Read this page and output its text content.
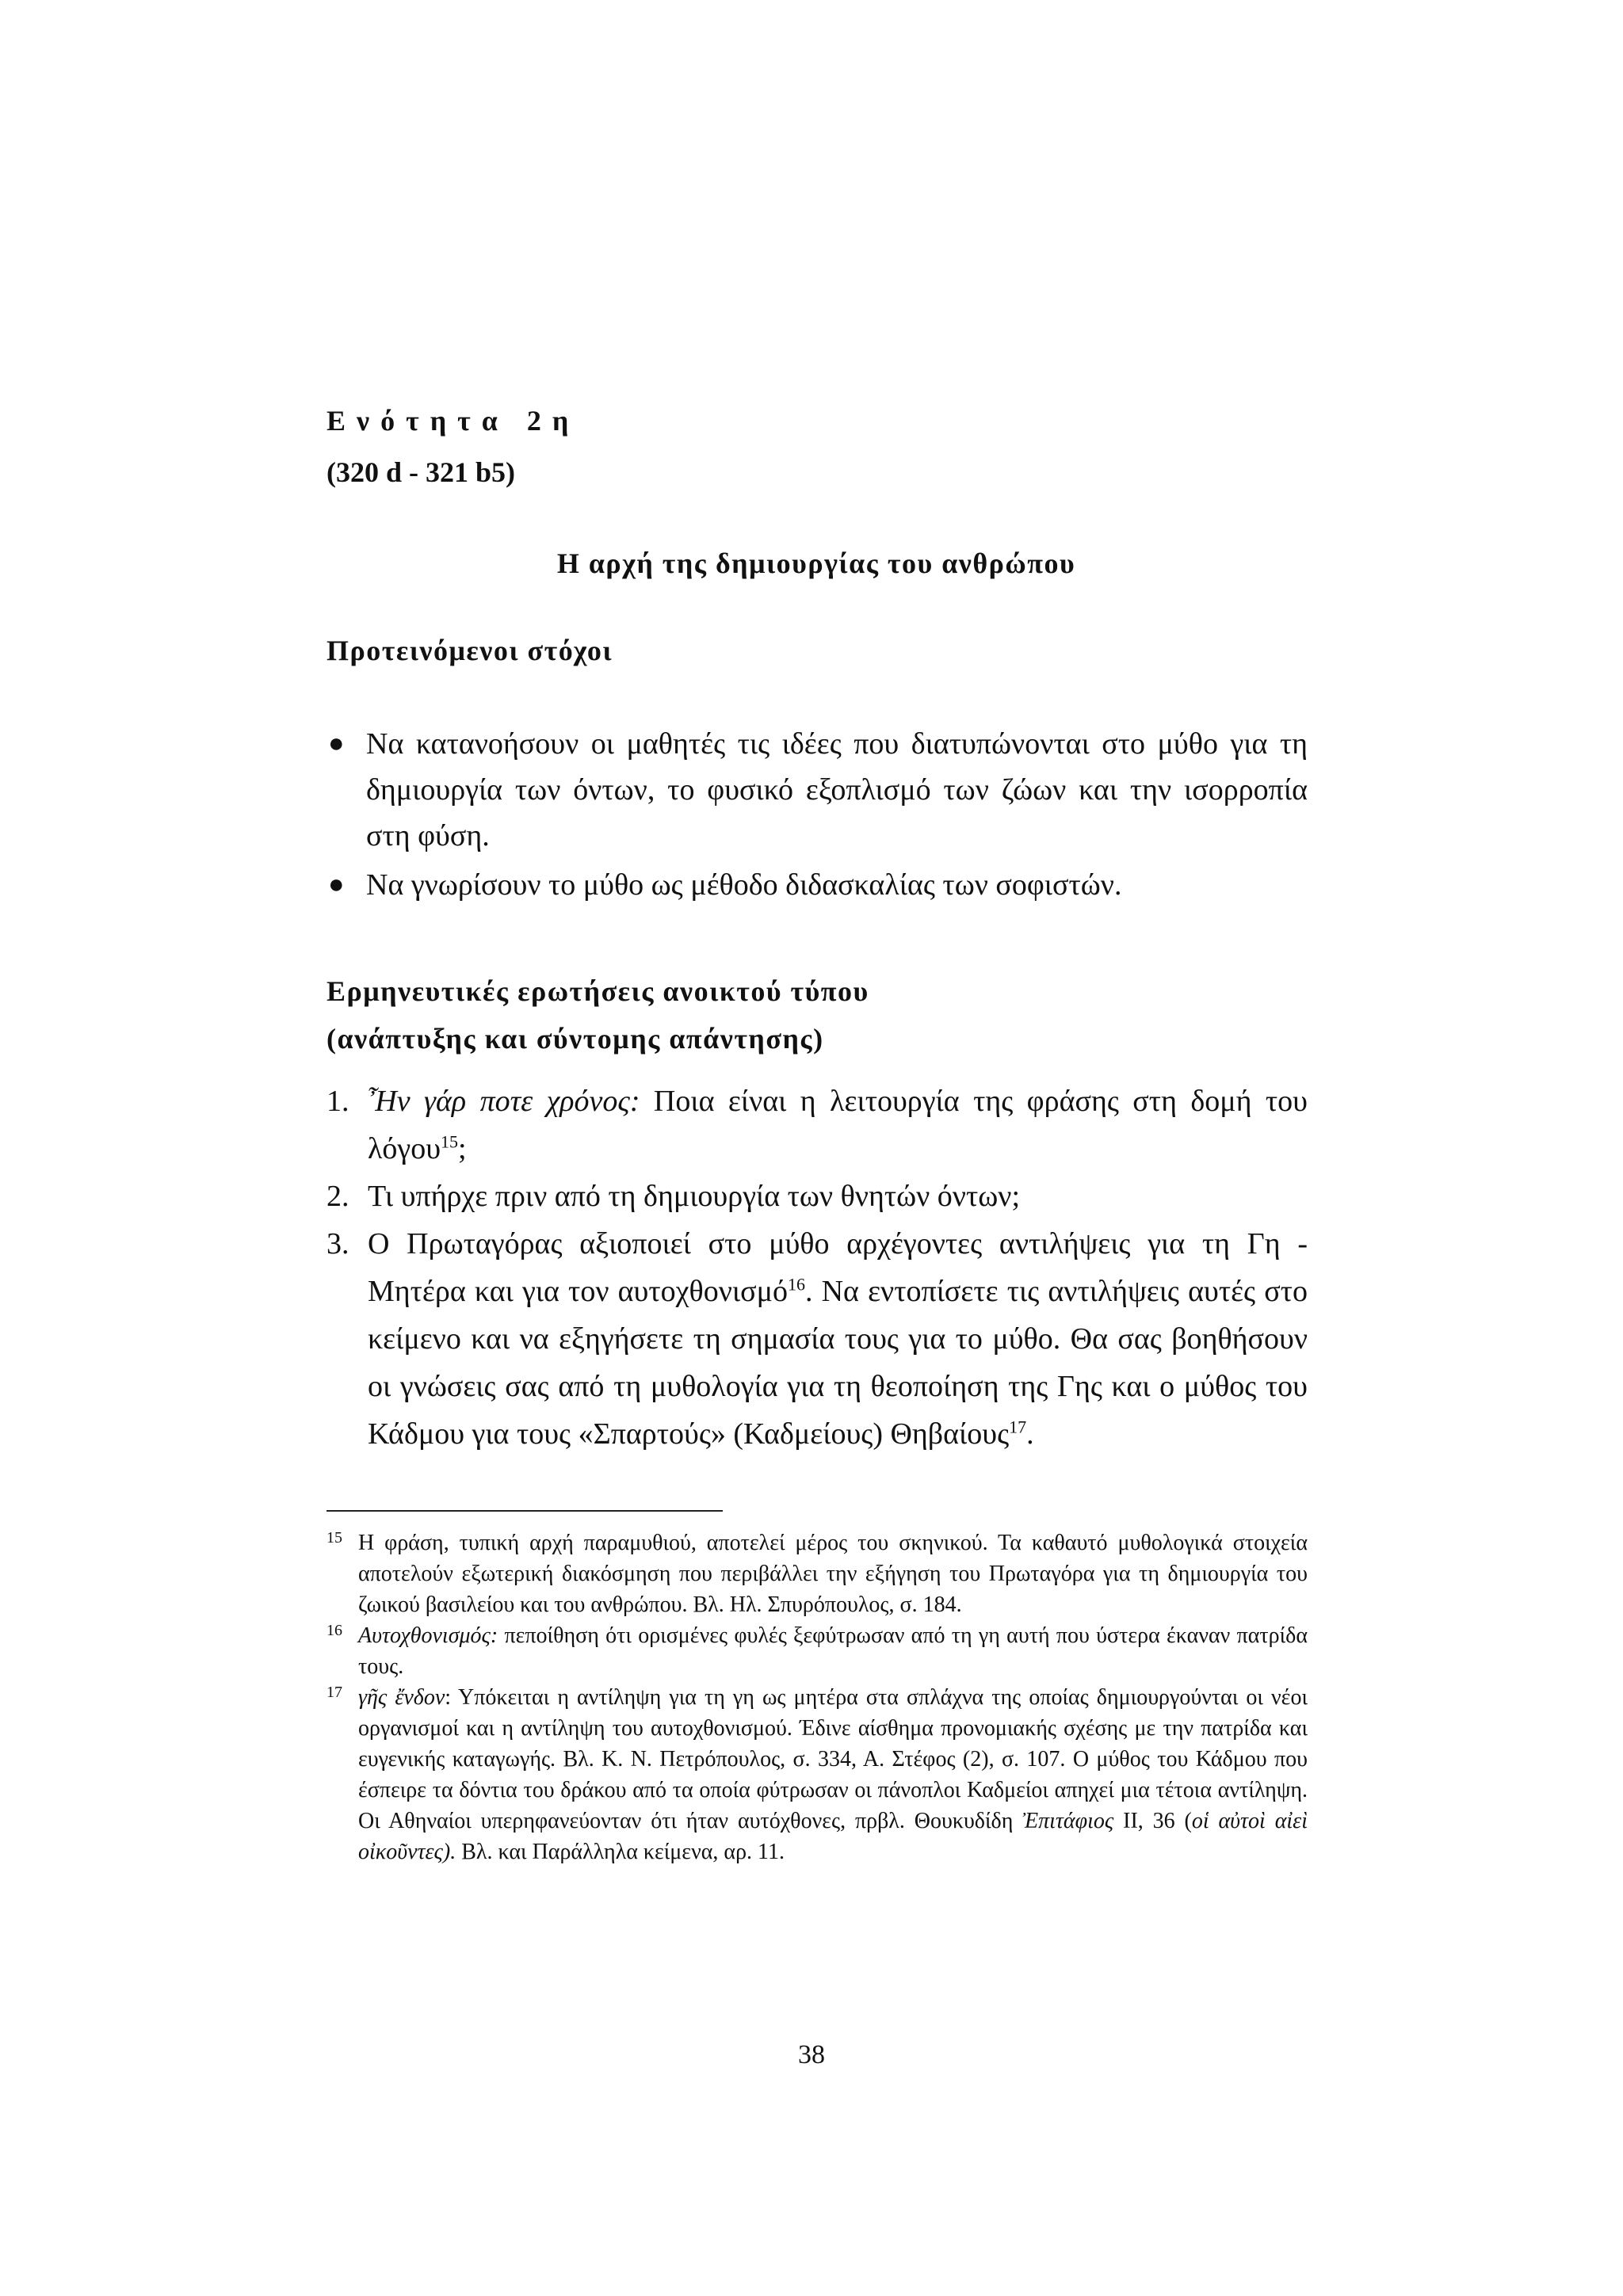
Ενότητα 2η
(320 d - 321 b5)
Η αρχή της δημιουργίας του ανθρώπου
Προτεινόμενοι στόχοι
● Να κατανοήσουν οι μαθητές τις ιδέες που διατυπώνονται στο μύθο για τη δημιουργία των όντων, το φυσικό εξοπλισμό των ζώων και την ισορροπία στη φύση.
● Να γνωρίσουν το μύθο ως μέθοδο διδασκαλίας των σοφιστών.
Ερμηνευτικές ερωτήσεις ανοικτού τύπου
(ανάπτυξης και σύντομης απάντησης)
1. Ἦν γάρ ποτε χρόνος: Ποια είναι η λειτουργία της φράσης στη δομή του λόγου$^{15}$;
2. Τι υπήρχε πριν από τη δημιουργία των θνητών όντων;
3. Ο Πρωταγόρας αξιοποιεί στο μύθο αρχέγοντες αντιλήψεις για τη Γη - Μητέρα και για τον αυτοχθονισμό$^{16}$. Να εντοπίσετε τις αντιλήψεις αυτές στο κείμενο και να εξηγήσετε τη σημασία τους για το μύθο. Θα σας βοηθήσουν οι γνώσεις σας από τη μυθολογία για τη θεοποίηση της Γης και ο μύθος του Κάδμου για τους «Σπαρτούς» (Καδμείους) Θηβαίους$^{17}$.
15 Η φράση, τυπική αρχή παραμυθιού, αποτελεί μέρος του σκηνικού. Τα καθαυτό μυθολογικά στοιχεία αποτελούν εξωτερική διακόσμηση που περιβάλλει την εξήγηση του Πρωταγόρα για τη δημιουργία του ζωικού βασιλείου και του ανθρώπου. Βλ. Ηλ. Σπυρόπουλος, σ. 184.
16 Αυτοχθονισμός: πεποίθηση ότι ορισμένες φυλές ξεφύτρωσαν από τη γη αυτή που ύστερα έκαναν πατρίδα τους.
17 γῆς ἔνδον: Υπόκειται η αντίληψη για τη γη ως μητέρα στα σπλάχνα της οποίας δημιουργούνται οι νέοι οργανισμοί και η αντίληψη του αυτοχθονισμού. Έδινε αίσθημα προνομιακής σχέσης με την πατρίδα και ευγενικής καταγωγής. Βλ. Κ. Ν. Πετρόπουλος, σ. 334, Α. Στέφος (2), σ. 107. Ο μύθος του Κάδμου που έσπειρε τα δόντια του δράκου από τα οποία φύτρωσαν οι πάνοπλοι Καδμείοι απηχεί μια τέτοια αντίληψη. Οι Αθηναίοι υπερηφανεύονταν ότι ήταν αυτόχθονες, πρβλ. Θουκυδίδη Ἐπιτάφιος ΙΙ, 36 (οἱ αὐτοὶ αἰεὶ οἰκοῦντες). Βλ. και Παράλληλα κείμενα, αρ. 11.
38
